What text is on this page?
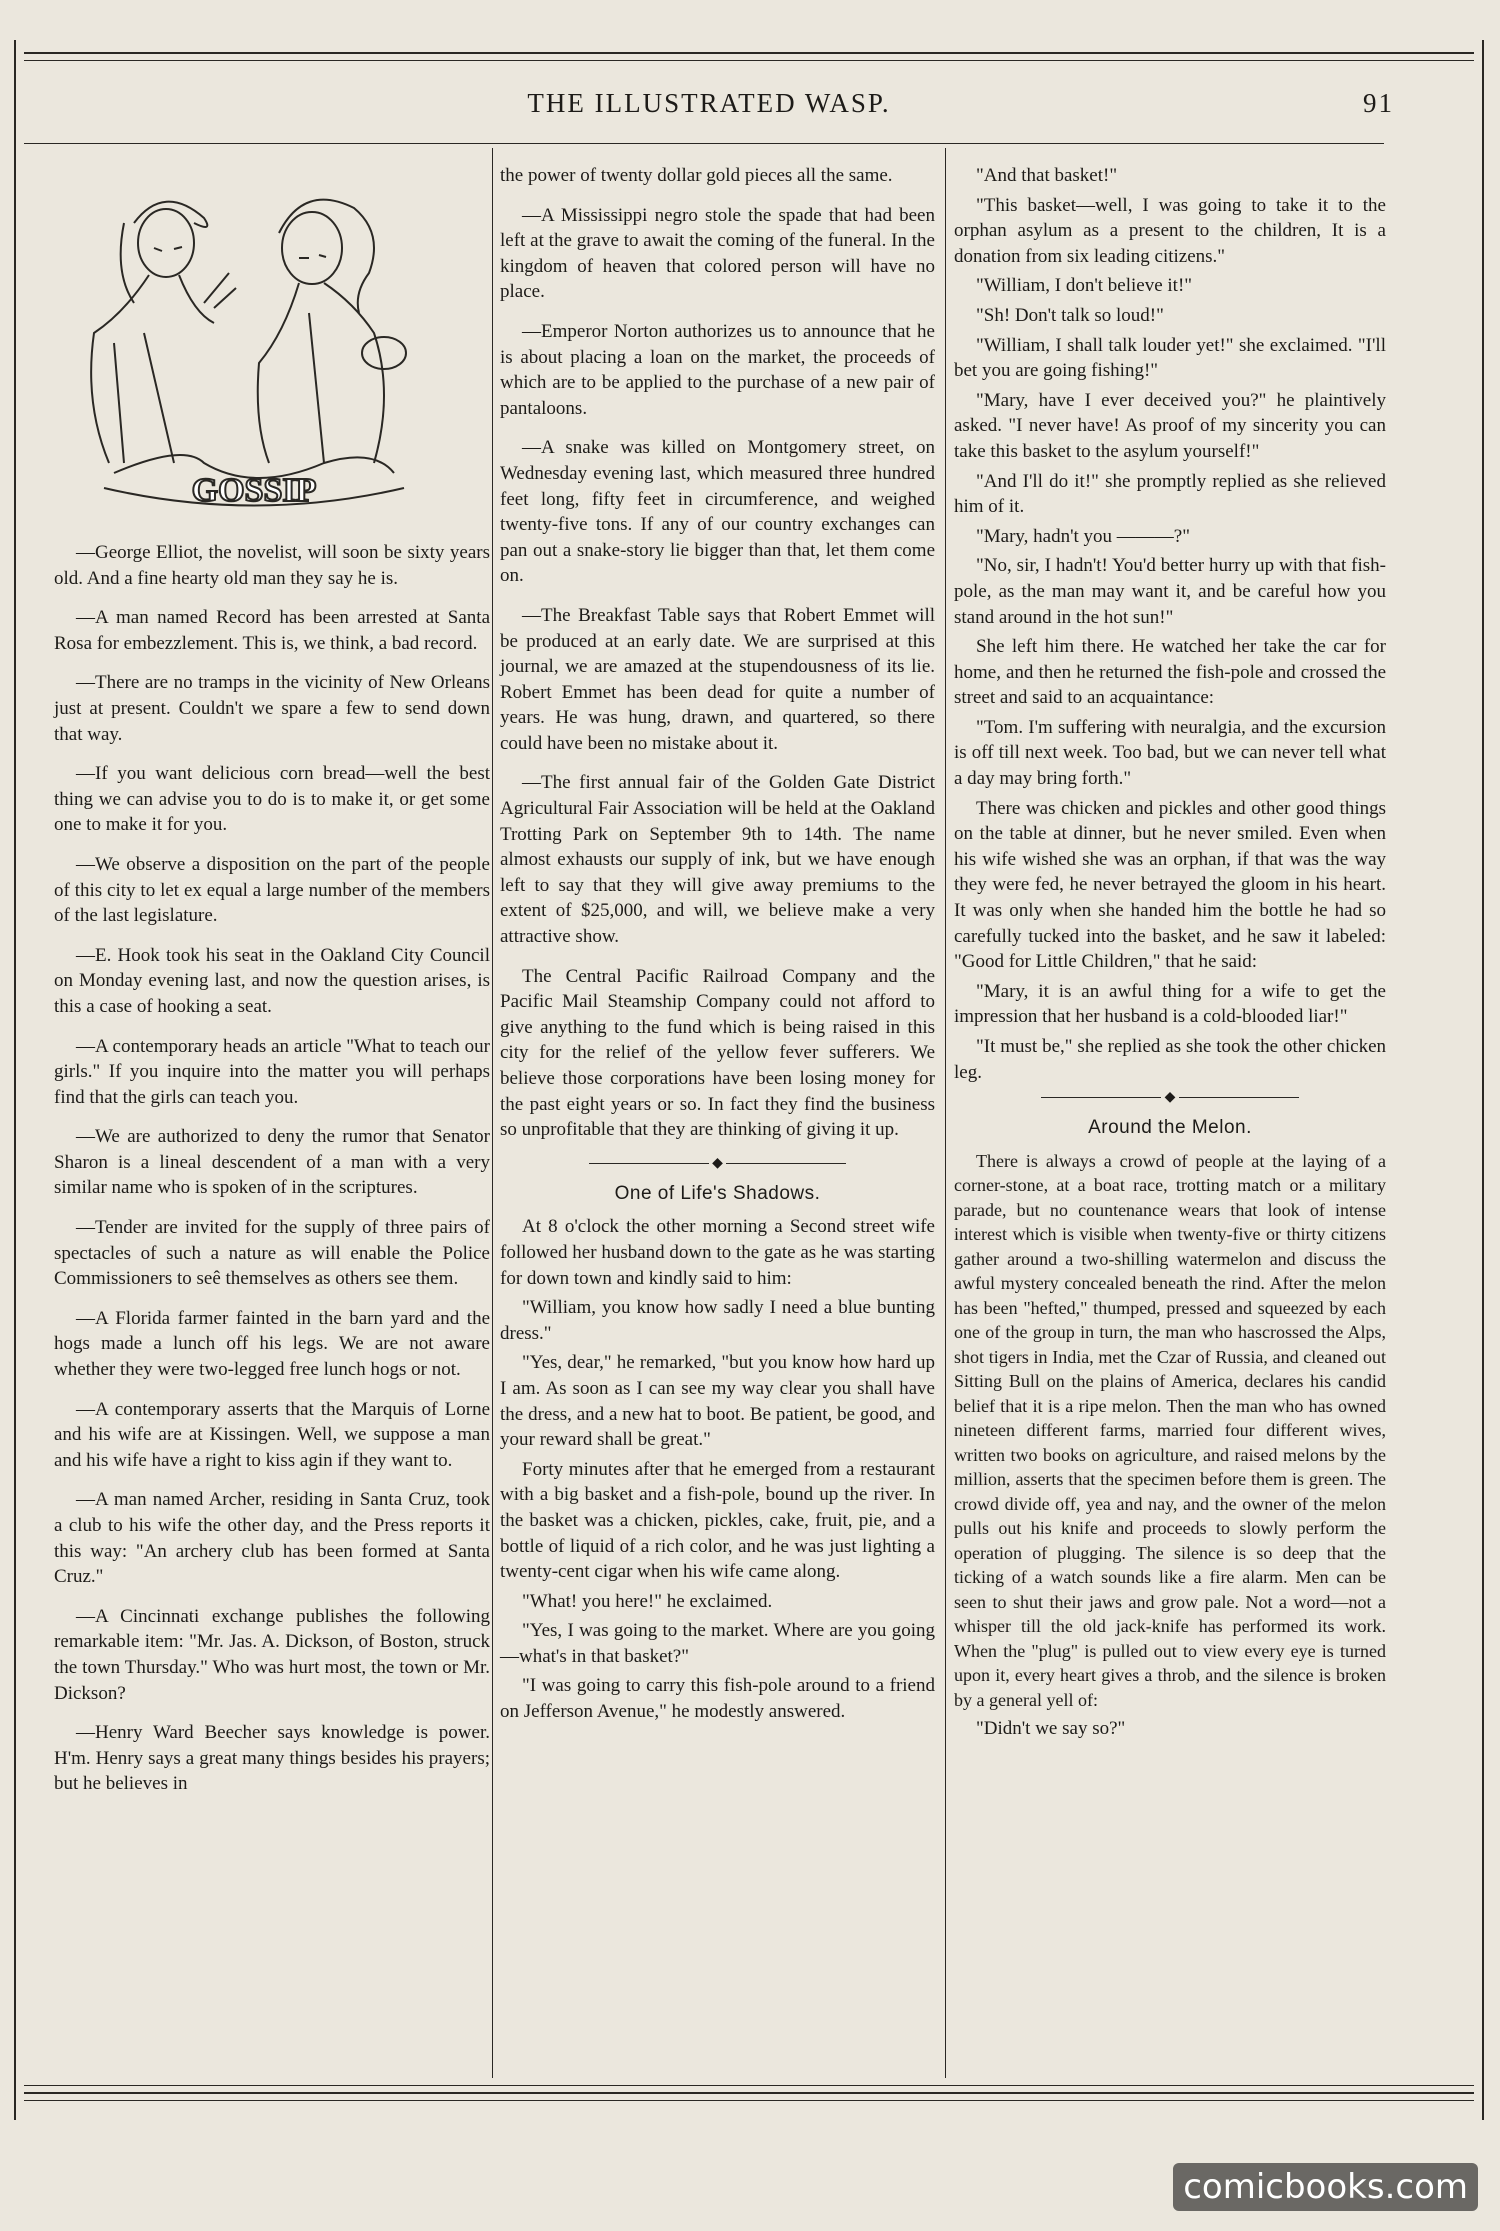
THE ILLUSTRATED WASP.	91
GOSSIP

—George Elliot, the novelist, will soon be sixty years old. And a fine hearty old man they say he is.

—A man named Record has been arrested at Santa Rosa for embezzlement. This is, we think, a bad record.

—There are no tramps in the vicinity of New Orleans just at present. Couldn't we spare a few to send down that way.

—If you want delicious corn bread—well the best thing we can advise you to do is to make it, or get some one to make it for you.

—We observe a disposition on the part of the people of this city to let ex equal a large number of the members of the last legislature.

—E. Hook took his seat in the Oakland City Council on Monday evening last, and now the question arises, is this a case of hooking a seat.

—A contemporary heads an article "What to teach our girls." If you inquire into the matter you will perhaps find that the girls can teach you.

—We are authorized to deny the rumor that Senator Sharon is a lineal descendent of a man with a very similar name who is spoken of in the scriptures.

—Tender are invited for the supply of three pairs of spectacles of such a nature as will enable the Police Commissioners to seê themselves as others see them.

—A Florida farmer fainted in the barn yard and the hogs made a lunch off his legs. We are not aware whether they were two-legged free lunch hogs or not.

—A contemporary asserts that the Marquis of Lorne and his wife are at Kissingen. Well, we suppose a man and his wife have a right to kiss agin if they want to.

—A man named Archer, residing in Santa Cruz, took a club to his wife the other day, and the Press reports it this way: "An archery club has been formed at Santa Cruz."

—A Cincinnati exchange publishes the following remarkable item: "Mr. Jas. A. Dickson, of Boston, struck the town Thursday." Who was hurt most, the town or Mr. Dickson?

—Henry Ward Beecher says knowledge is power. H'm. Henry says a great many things besides his prayers; but he believes in

the power of twenty dollar gold pieces all the same.

—A Mississippi negro stole the spade that had been left at the grave to await the coming of the funeral. In the kingdom of heaven that colored person will have no place.

—Emperor Norton authorizes us to announce that he is about placing a loan on the market, the proceeds of which are to be applied to the purchase of a new pair of pantaloons.

—A snake was killed on Montgomery street, on Wednesday evening last, which measured three hundred feet long, fifty feet in circumference, and weighed twenty-five tons. If any of our country exchanges can pan out a snake-story lie bigger than that, let them come on.

—The Breakfast Table says that Robert Emmet will be produced at an early date. We are surprised at this journal, we are amazed at the stupendousness of its lie. Robert Emmet has been dead for quite a number of years. He was hung, drawn, and quartered, so there could have been no mistake about it.

—The first annual fair of the Golden Gate District Agricultural Fair Association will be held at the Oakland Trotting Park on September 9th to 14th. The name almost exhausts our supply of ink, but we have enough left to say that they will give away premiums to the extent of $25,000, and will, we believe make a very attractive show.

The Central Pacific Railroad Company and the Pacific Mail Steamship Company could not afford to give anything to the fund which is being raised in this city for the relief of the yellow fever sufferers. We believe those corporations have been losing money for the past eight years or so. In fact they find the business so unprofitable that they are thinking of giving it up.

◆
One of Life's Shadows.

At 8 o'clock the other morning a Second street wife followed her husband down to the gate as he was starting for down town and kindly said to him:

"William, you know how sadly I need a blue bunting dress."

"Yes, dear," he remarked, "but you know how hard up I am. As soon as I can see my way clear you shall have the dress, and a new hat to boot. Be patient, be good, and your reward shall be great."

Forty minutes after that he emerged from a restaurant with a big basket and a fish-pole, bound up the river. In the basket was a chicken, pickles, cake, fruit, pie, and a bottle of liquid of a rich color, and he was just lighting a twenty-cent cigar when his wife came along.

"What! you here!" he exclaimed.

"Yes, I was going to the market. Where are you going—what's in that basket?"

"I was going to carry this fish-pole around to a friend on Jefferson Avenue," he modestly answered.

"And that basket!"

"This basket—well, I was going to take it to the orphan asylum as a present to the children, It is a donation from six leading citizens."

"William, I don't believe it!"

"Sh! Don't talk so loud!"

"William, I shall talk louder yet!" she exclaimed. "I'll bet you are going fishing!"

"Mary, have I ever deceived you?" he plaintively asked. "I never have! As proof of my sincerity you can take this basket to the asylum yourself!"

"And I'll do it!" she promptly replied as she relieved him of it.

"Mary, hadn't you ———?"

"No, sir, I hadn't! You'd better hurry up with that fish-pole, as the man may want it, and be careful how you stand around in the hot sun!"

She left him there. He watched her take the car for home, and then he returned the fish-pole and crossed the street and said to an acquaintance:

"Tom. I'm suffering with neuralgia, and the excursion is off till next week. Too bad, but we can never tell what a day may bring forth."

There was chicken and pickles and other good things on the table at dinner, but he never smiled. Even when his wife wished she was an orphan, if that was the way they were fed, he never betrayed the gloom in his heart. It was only when she handed him the bottle he had so carefully tucked into the basket, and he saw it labeled: "Good for Little Children," that he said:

"Mary, it is an awful thing for a wife to get the impression that her husband is a cold-blooded liar!"

"It must be," she replied as she took the other chicken leg.

◆
Around the Melon.

There is always a crowd of people at the laying of a corner-stone, at a boat race, trotting match or a military parade, but no countenance wears that look of intense interest which is visible when twenty-five or thirty citizens gather around a two-shilling watermelon and discuss the awful mystery concealed beneath the rind. After the melon has been "hefted," thumped, pressed and squeezed by each one of the group in turn, the man who hascrossed the Alps, shot tigers in India, met the Czar of Russia, and cleaned out Sitting Bull on the plains of America, declares his candid belief that it is a ripe melon. Then the man who has owned nineteen different farms, married four different wives, written two books on agriculture, and raised melons by the million, asserts that the specimen before them is green. The crowd divide off, yea and nay, and the owner of the melon pulls out his knife and proceeds to slowly perform the operation of plugging. The silence is so deep that the ticking of a watch sounds like a fire alarm. Men can be seen to shut their jaws and grow pale. Not a word—not a whisper till the old jack-knife has performed its work. When the "plug" is pulled out to view every eye is turned upon it, every heart gives a throb, and the silence is broken by a general yell of:

"Didn't we say so?"

comicbooks.com
